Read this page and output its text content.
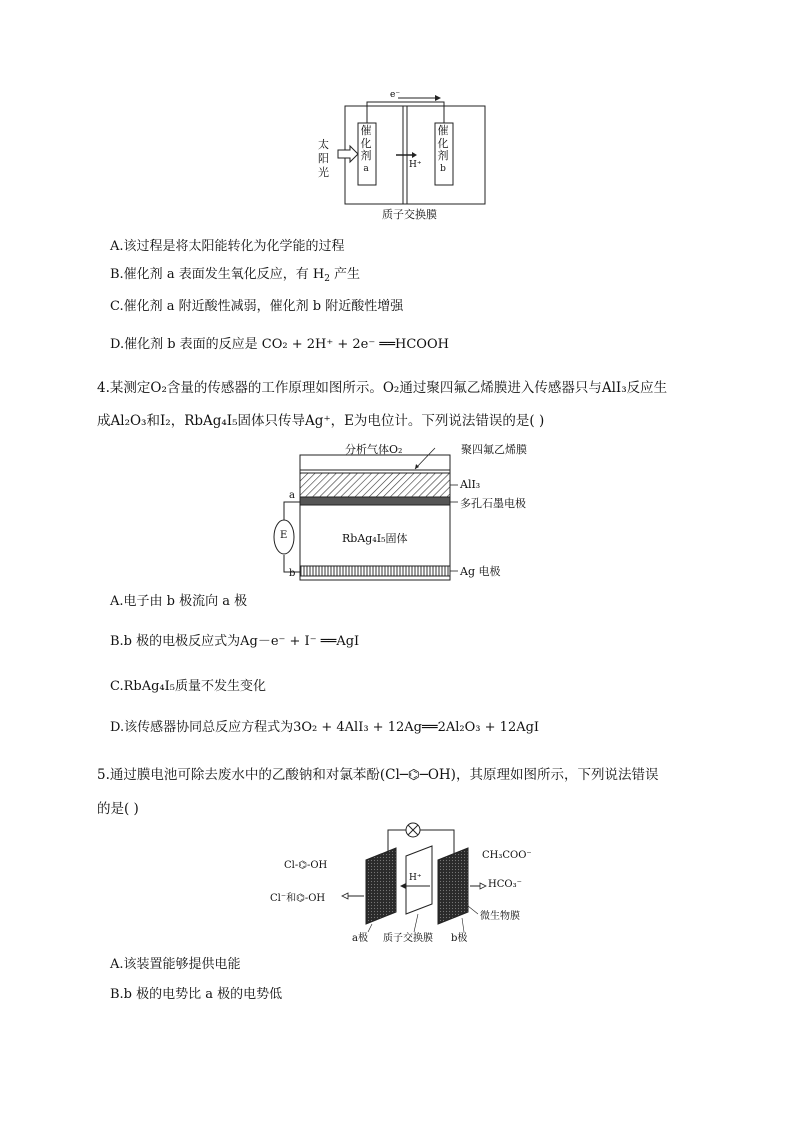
e⁻
太阳光
催
化
剂
a
催
化
剂
b
H⁺
质子交换膜
A.该过程是将太阳能转化为化学能的过程
B.催化剂 a 表面发生氧化反应，有 $H_2$ 产生
C.催化剂 a 附近酸性减弱，催化剂 b 附近酸性增强
D.催化剂 b 表面的反应是 CO₂ + 2H⁺ + 2e⁻ ══HCOOH
4.某测定O₂含量的传感器的工作原理如图所示。O₂通过聚四氟乙烯膜进入传感器只与AlI₃反应生
成Al₂O₃和I₂，RbAg₄I₅固体只传导Ag⁺，E为电位计。下列说法错误的是( )
分析气体O₂	聚四氟乙烯膜
AlI₃
多孔石墨电极
RbAg₄I₅固体
Ag 电极
E
a
b
A.电子由 b 极流向 a 极
B.b 极的电极反应式为Ag－e⁻ + I⁻ ══AgI
C.RbAg₄I₅质量不发生变化
D.该传感器协同总反应方程式为3O₂ + 4AlI₃ + 12Ag══2Al₂O₃ + 12AgI
5.通过膜电池可除去废水中的乙酸钠和对氯苯酚(Cl─⌬─OH)，其原理如图所示，下列说法错误
的是( )
Cl-⌬-OH
Cl⁻和⌬-OH
CH₃COO⁻
HCO₃⁻
H⁺
微生物膜
a极 质子交换膜 b极
A.该装置能够提供电能
B.b 极的电势比 a 极的电势低
